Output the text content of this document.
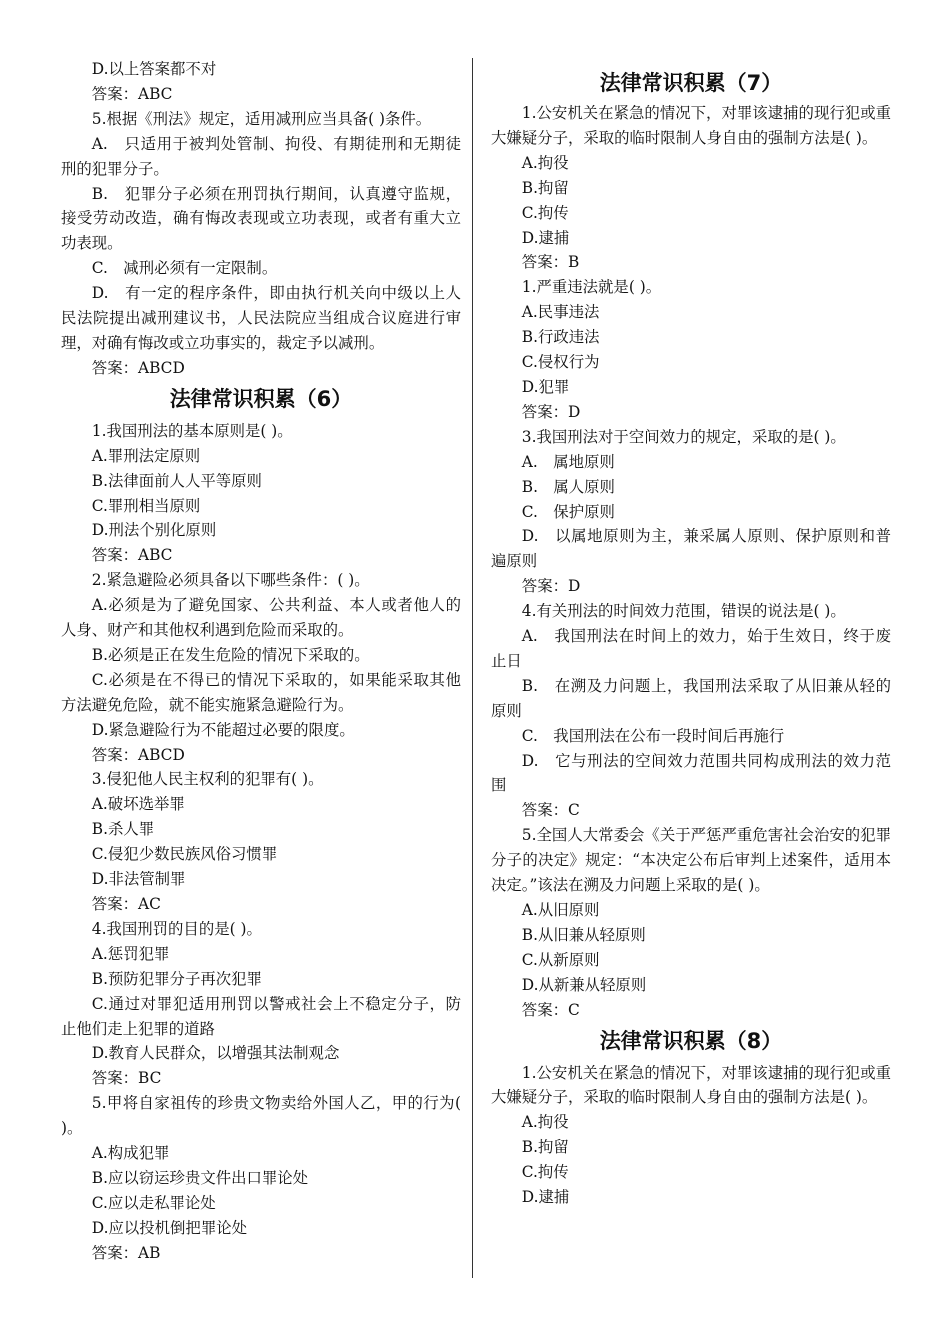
D.以上答案都不对

答案：ABC

5.根据《刑法》规定，适用减刑应当具备( )条件。

A.　只适用于被判处管制、拘役、有期徒刑和无期徒刑的犯罪分子。

B.　犯罪分子必须在刑罚执行期间，认真遵守监规，接受劳动改造，确有悔改表现或立功表现，或者有重大立功表现。

C.　减刑必须有一定限制。

D.　有一定的程序条件，即由执行机关向中级以上人民法院提出减刑建议书，人民法院应当组成合议庭进行审理，对确有悔改或立功事实的，裁定予以减刑。

答案：ABCD

法律常识积累（6）

1.我国刑法的基本原则是( )。

A.罪刑法定原则

B.法律面前人人平等原则

C.罪刑相当原则

D.刑法个别化原则

答案：ABC

2.紧急避险必须具备以下哪些条件：( )。

A.必须是为了避免国家、公共利益、本人或者他人的人身、财产和其他权利遇到危险而采取的。

B.必须是正在发生危险的情况下采取的。

C.必须是在不得已的情况下采取的，如果能采取其他方法避免危险，就不能实施紧急避险行为。

D.紧急避险行为不能超过必要的限度。

答案：ABCD

3.侵犯他人民主权利的犯罪有( )。

A.破坏选举罪

B.杀人罪

C.侵犯少数民族风俗习惯罪

D.非法管制罪

答案：AC

4.我国刑罚的目的是( )。

A.惩罚犯罪

B.预防犯罪分子再次犯罪

C.通过对罪犯适用刑罚以警戒社会上不稳定分子，防止他们走上犯罪的道路

D.教育人民群众，以增强其法制观念

答案：BC

5.甲将自家祖传的珍贵文物卖给外国人乙，甲的行为( )。

A.构成犯罪

B.应以窃运珍贵文件出口罪论处

C.应以走私罪论处

D.应以投机倒把罪论处

答案：AB

法律常识积累（7）

1.公安机关在紧急的情况下，对罪该逮捕的现行犯或重大嫌疑分子，采取的临时限制人身自由的强制方法是( )。

A.拘役

B.拘留

C.拘传

D.逮捕

答案：B

1.严重违法就是( )。

A.民事违法

B.行政违法

C.侵权行为

D.犯罪

答案：D

3.我国刑法对于空间效力的规定，采取的是( )。

A.　属地原则

B.　属人原则

C.　保护原则

D.　以属地原则为主，兼采属人原则、保护原则和普遍原则

答案：D

4.有关刑法的时间效力范围，错误的说法是( )。

A.　我国刑法在时间上的效力，始于生效日，终于废止日

B.　在溯及力问题上，我国刑法采取了从旧兼从轻的原则

C.　我国刑法在公布一段时间后再施行

D.　它与刑法的空间效力范围共同构成刑法的效力范围

答案：C

5.全国人大常委会《关于严惩严重危害社会治安的犯罪分子的决定》规定：“本决定公布后审判上述案件，适用本决定。”该法在溯及力问题上采取的是( )。

A.从旧原则

B.从旧兼从轻原则

C.从新原则

D.从新兼从轻原则

答案：C

法律常识积累（8）

1.公安机关在紧急的情况下，对罪该逮捕的现行犯或重大嫌疑分子，采取的临时限制人身自由的强制方法是( )。

A.拘役

B.拘留

C.拘传

D.逮捕
